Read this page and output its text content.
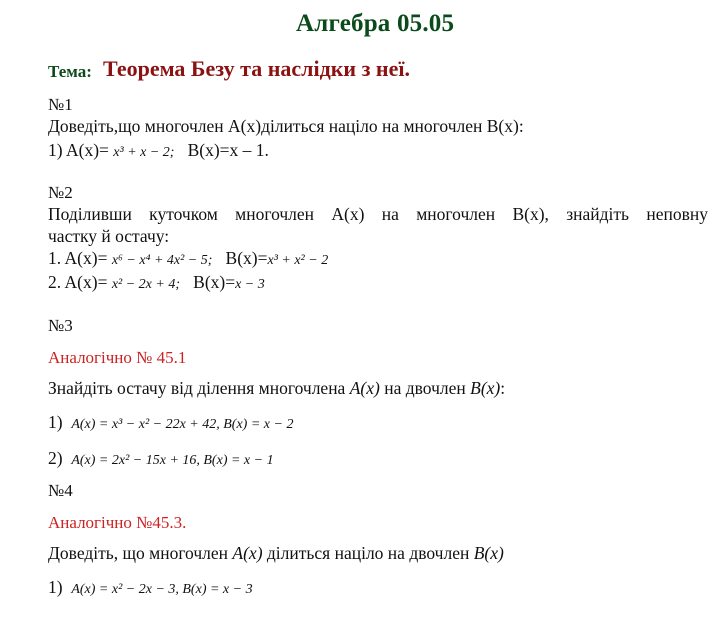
Алгебра 05.05
Тема: Теорема Безу та наслідки з неї.
№1
Доведіть,що многочлен A(x)ділиться націло на многочлен B(x):
1) A(x)= x³ + x − 2; B(x)=x – 1.
№2
Поділивши куточком многочлен A(x) на многочлен B(x), знайдіть неповну
частку й остачу:
1. A(x)= x⁶ − x⁴ + 4x² − 5; B(x)=x³ + x² − 2
2. A(x)= x² − 2x + 4; B(x)=x − 3
№3
Аналогічно № 45.1
Знайдіть остачу від ділення многочлена A(x) на двочлен B(x):
1) A(x) = x³ − x² − 22x + 42, B(x) = x − 2
2) A(x) = 2x² − 15x + 16, B(x) = x − 1
№4
Аналогічно №45.3.
Доведіть, що многочлен A(x) ділиться націло на двочлен B(x)
1) A(x) = x² − 2x − 3, B(x) = x − 3
